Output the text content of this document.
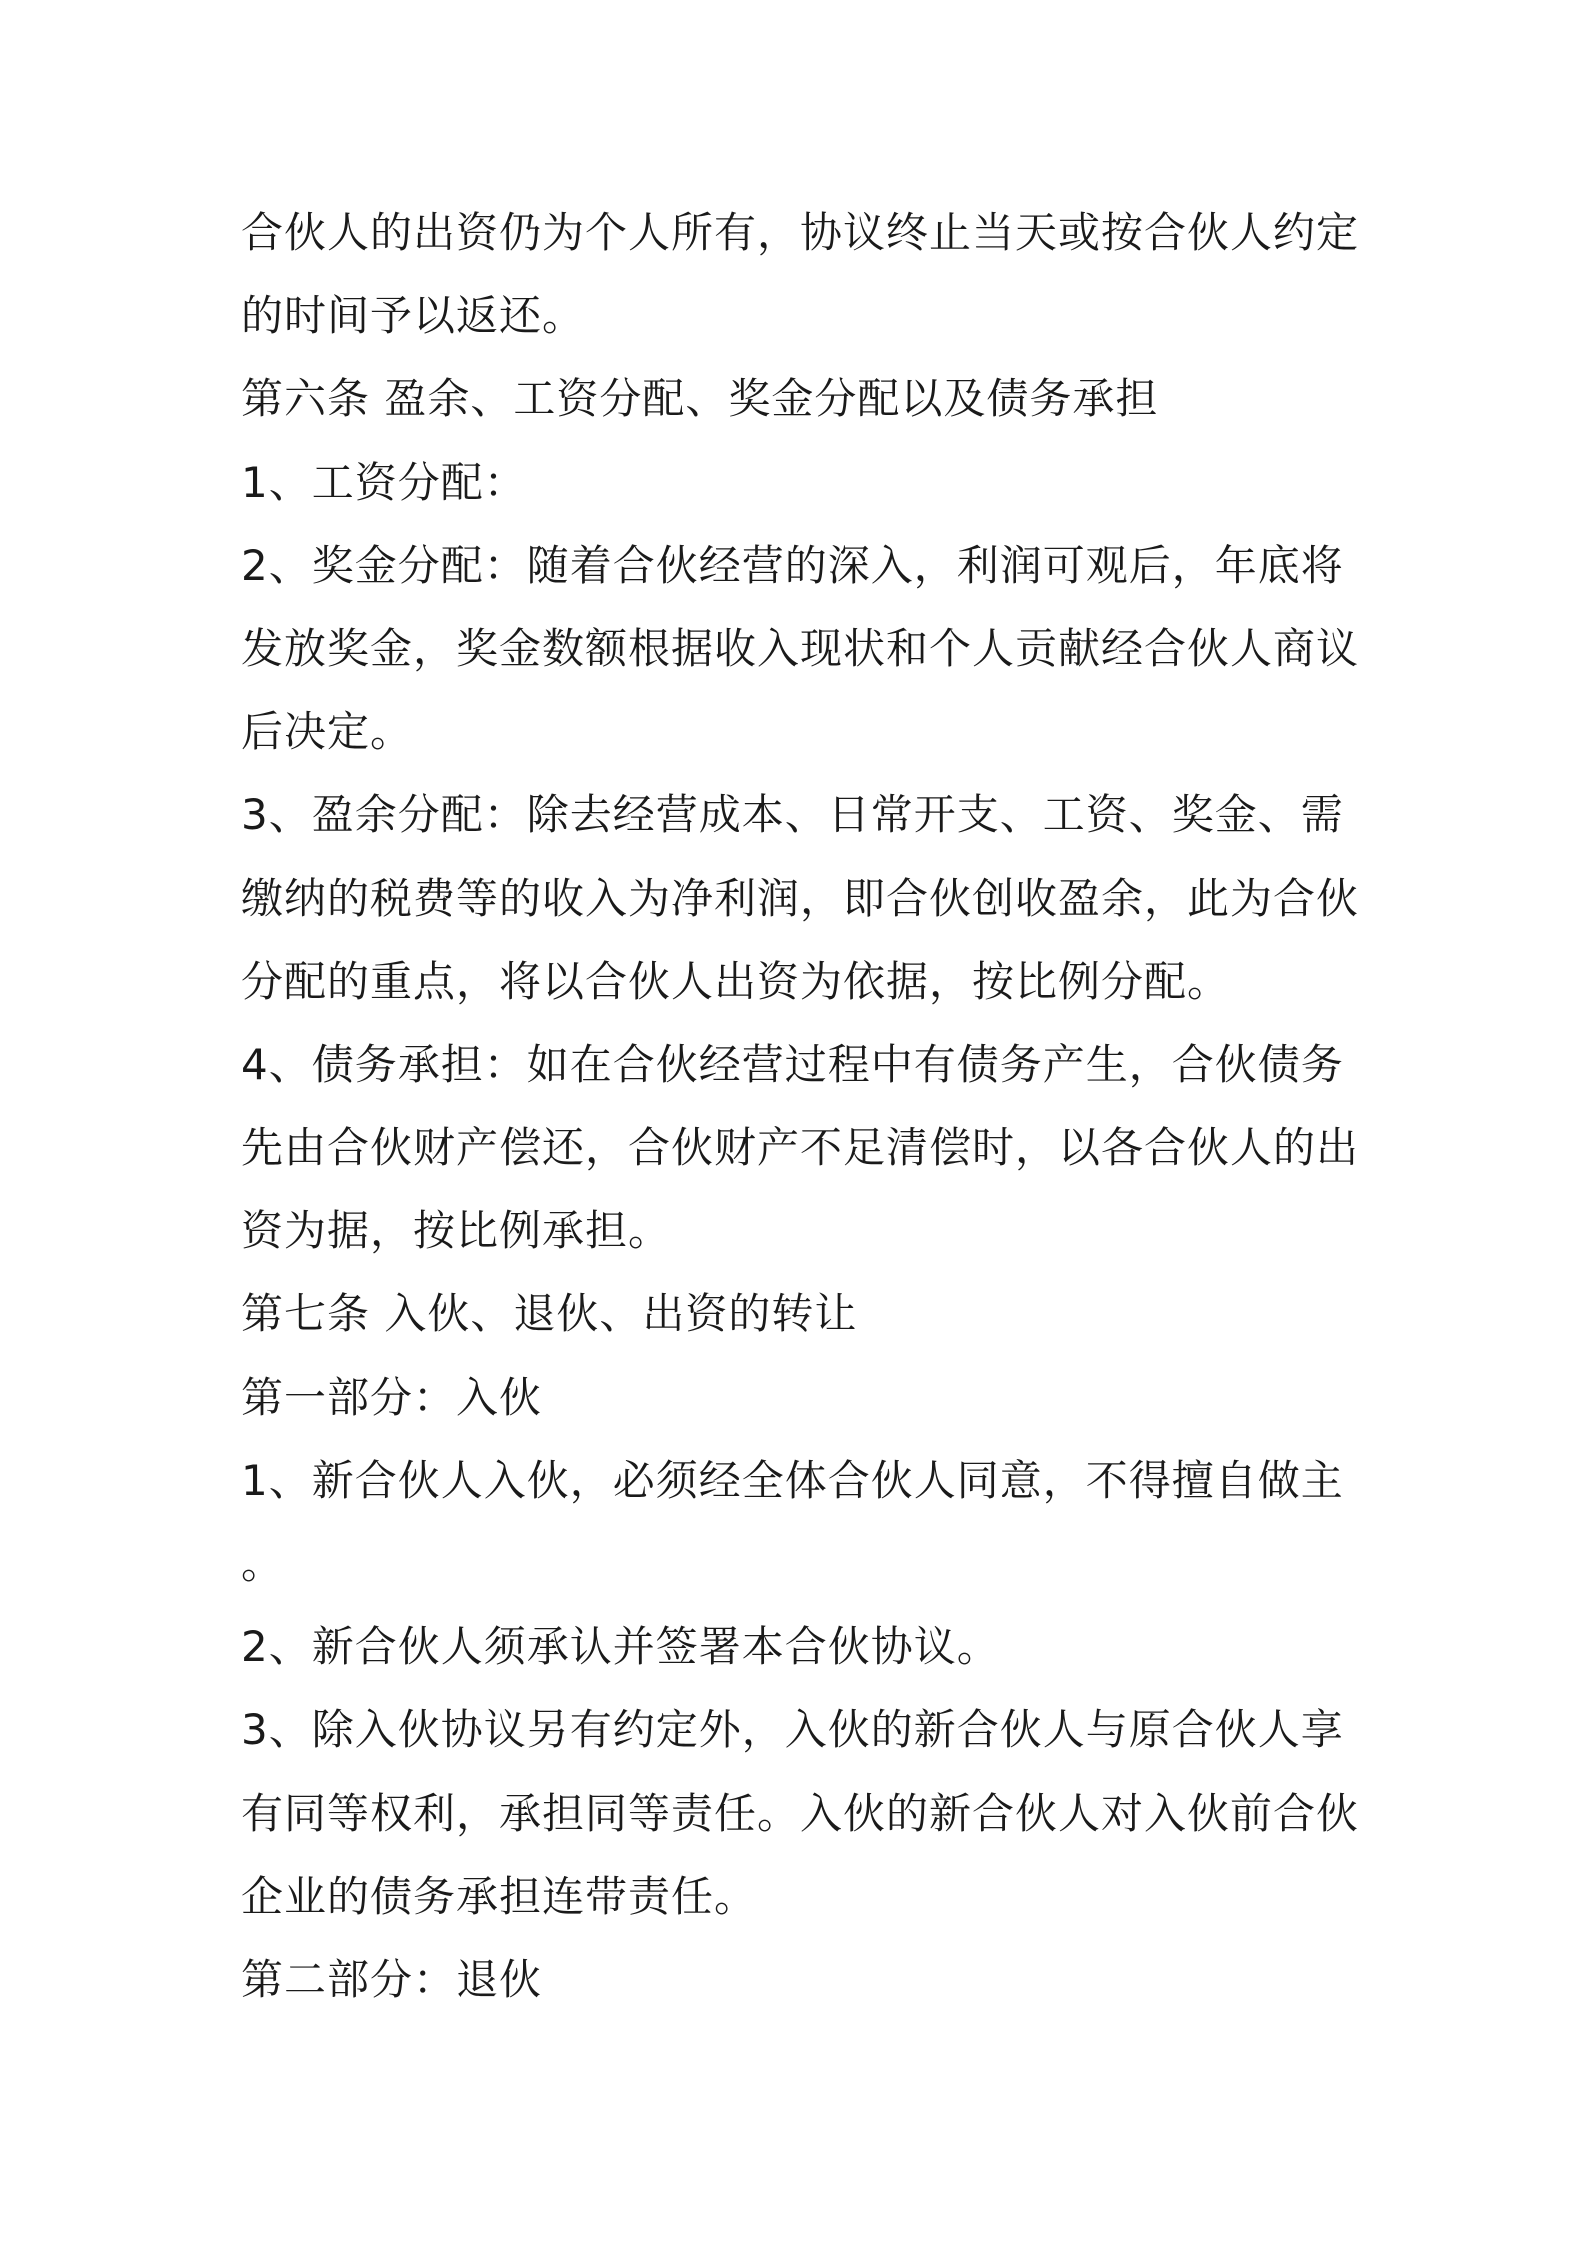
合伙人的出资仍为个人所有，协议终止当天或按合伙人约定
的时间予以返还。
第六条 盈余、工资分配、奖金分配以及债务承担
1、工资分配：
2、奖金分配：随着合伙经营的深入，利润可观后，年底将
发放奖金，奖金数额根据收入现状和个人贡献经合伙人商议
后决定。
3、盈余分配：除去经营成本、日常开支、工资、奖金、需
缴纳的税费等的收入为净利润，即合伙创收盈余，此为合伙
分配的重点，将以合伙人出资为依据，按比例分配。
4、债务承担：如在合伙经营过程中有债务产生，合伙债务
先由合伙财产偿还，合伙财产不足清偿时，以各合伙人的出
资为据，按比例承担。
第七条 入伙、退伙、出资的转让
第一部分：入伙
1、新合伙人入伙，必须经全体合伙人同意，不得擅自做主
。
2、新合伙人须承认并签署本合伙协议。
3、除入伙协议另有约定外，入伙的新合伙人与原合伙人享
有同等权利，承担同等责任。入伙的新合伙人对入伙前合伙
企业的债务承担连带责任。
第二部分：退伙
